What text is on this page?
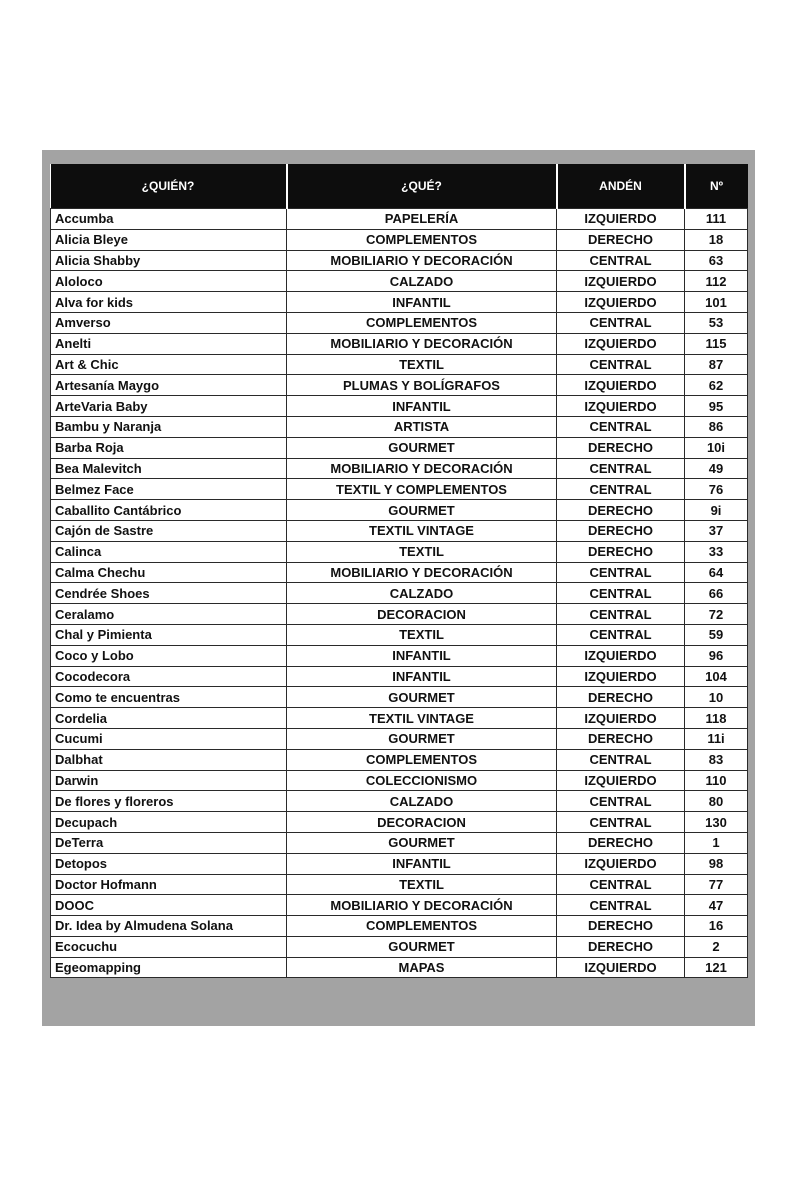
¿QUIÉN?	¿QUÉ?	ANDÉN	Nº
Accumba	PAPELERÍA	IZQUIERDO	111
Alicia Bleye	COMPLEMENTOS	DERECHO	18
Alicia Shabby	MOBILIARIO Y DECORACIÓN	CENTRAL	63
Aloloco	CALZADO	IZQUIERDO	112
Alva for kids	INFANTIL	IZQUIERDO	101
Amverso	COMPLEMENTOS	CENTRAL	53
Anelti	MOBILIARIO Y DECORACIÓN	IZQUIERDO	115
Art & Chic	TEXTIL	CENTRAL	87
Artesanía Maygo	PLUMAS Y BOLÍGRAFOS	IZQUIERDO	62
ArteVaria Baby	INFANTIL	IZQUIERDO	95
Bambu y Naranja	ARTISTA	CENTRAL	86
Barba Roja	GOURMET	DERECHO	10i
Bea Malevitch	MOBILIARIO Y DECORACIÓN	CENTRAL	49
Belmez Face	TEXTIL Y COMPLEMENTOS	CENTRAL	76
Caballito Cantábrico	GOURMET	DERECHO	9i
Cajón de Sastre	TEXTIL VINTAGE	DERECHO	37
Calinca	TEXTIL	DERECHO	33
Calma Chechu	MOBILIARIO Y DECORACIÓN	CENTRAL	64
Cendrée Shoes	CALZADO	CENTRAL	66
Ceralamo	DECORACION	CENTRAL	72
Chal y Pimienta	TEXTIL	CENTRAL	59
Coco y Lobo	INFANTIL	IZQUIERDO	96
Cocodecora	INFANTIL	IZQUIERDO	104
Como te encuentras	GOURMET	DERECHO	10
Cordelia	TEXTIL VINTAGE	IZQUIERDO	118
Cucumi	GOURMET	DERECHO	11i
Dalbhat	COMPLEMENTOS	CENTRAL	83
Darwin	COLECCIONISMO	IZQUIERDO	110
De flores y floreros	CALZADO	CENTRAL	80
Decupach	DECORACION	CENTRAL	130
DeTerra	GOURMET	DERECHO	1
Detopos	INFANTIL	IZQUIERDO	98
Doctor Hofmann	TEXTIL	CENTRAL	77
DOOC	MOBILIARIO Y DECORACIÓN	CENTRAL	47
Dr. Idea by Almudena Solana	COMPLEMENTOS	DERECHO	16
Ecocuchu	GOURMET	DERECHO	2
Egeomapping	MAPAS	IZQUIERDO	121
